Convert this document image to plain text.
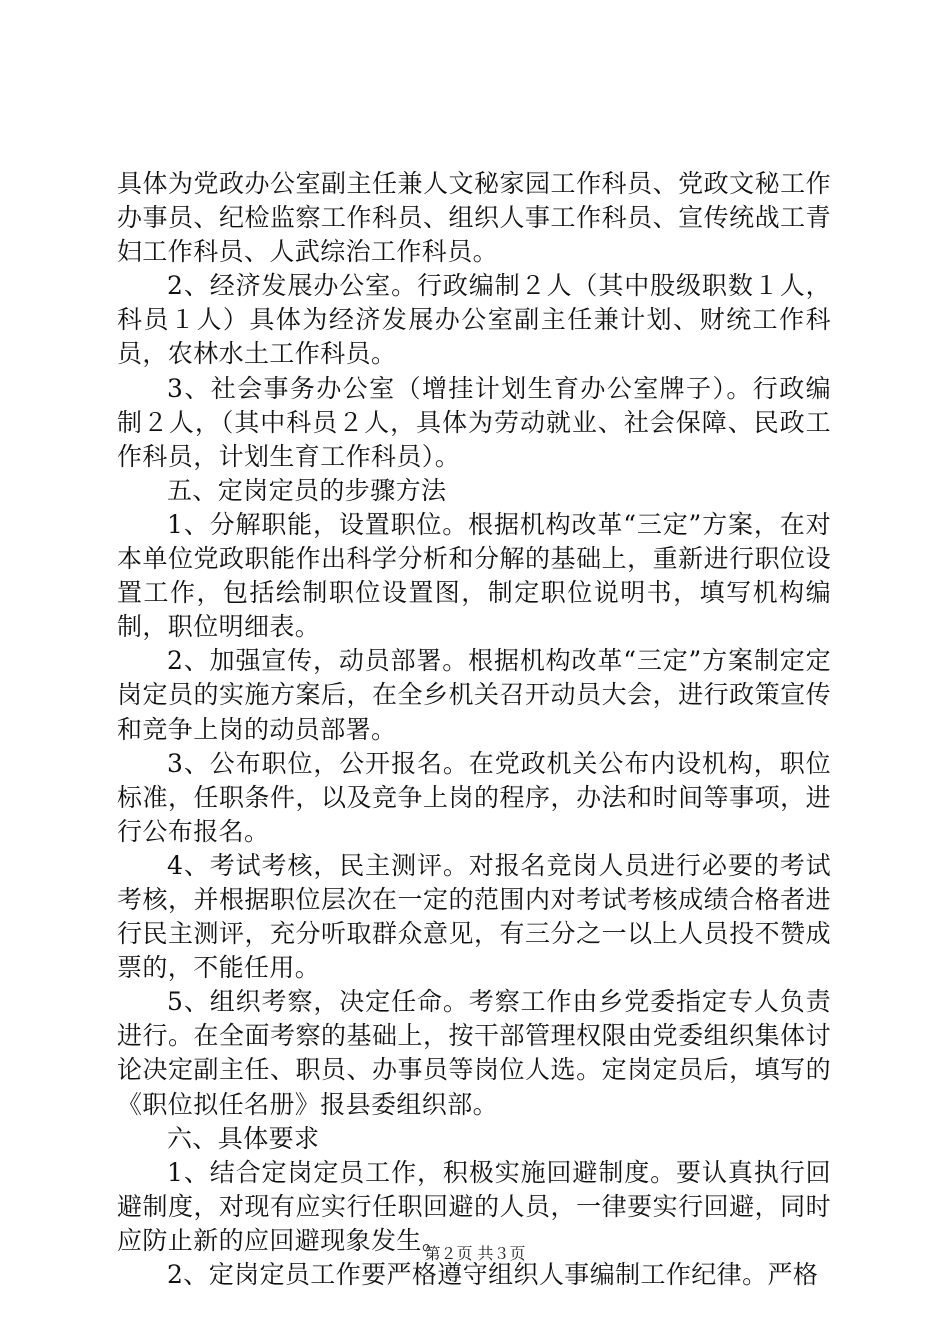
具体为党政办公室副主任兼人文秘家园工作科员、党政文秘工作办事员、纪检监察工作科员、组织人事工作科员、宣传统战工青妇工作科员、人武综治工作科员。

2、经济发展办公室。行政编制２人（其中股级职数１人，科员１人）具体为经济发展办公室副主任兼计划、财统工作科员，农林水土工作科员。

3、社会事务办公室（增挂计划生育办公室牌子）。行政编制２人，（其中科员２人，具体为劳动就业、社会保障、民政工作科员，计划生育工作科员）。

五、定岗定员的步骤方法

1、分解职能，设置职位。根据机构改革“三定”方案，在对本单位党政职能作出科学分析和分解的基础上，重新进行职位设置工作，包括绘制职位设置图，制定职位说明书，填写机构编制，职位明细表。

2、加强宣传，动员部署。根据机构改革“三定”方案制定定岗定员的实施方案后，在全乡机关召开动员大会，进行政策宣传和竞争上岗的动员部署。

3、公布职位，公开报名。在党政机关公布内设机构，职位标准，任职条件，以及竞争上岗的程序，办法和时间等事项，进行公布报名。

4、考试考核，民主测评。对报名竞岗人员进行必要的考试考核，并根据职位层次在一定的范围内对考试考核成绩合格者进行民主测评，充分听取群众意见，有三分之一以上人员投不赞成票的，不能任用。

5、组织考察，决定任命。考察工作由乡党委指定专人负责进行。在全面考察的基础上，按干部管理权限由党委组织集体讨论决定副主任、职员、办事员等岗位人选。定岗定员后，填写的《职位拟任名册》报县委组织部。

六、具体要求

1、结合定岗定员工作，积极实施回避制度。要认真执行回避制度，对现有应实行任职回避的人员，一律要实行回避，同时应防止新的应回避现象发生。

2、定岗定员工作要严格遵守组织人事编制工作纪律。严格

第２页 共３页
